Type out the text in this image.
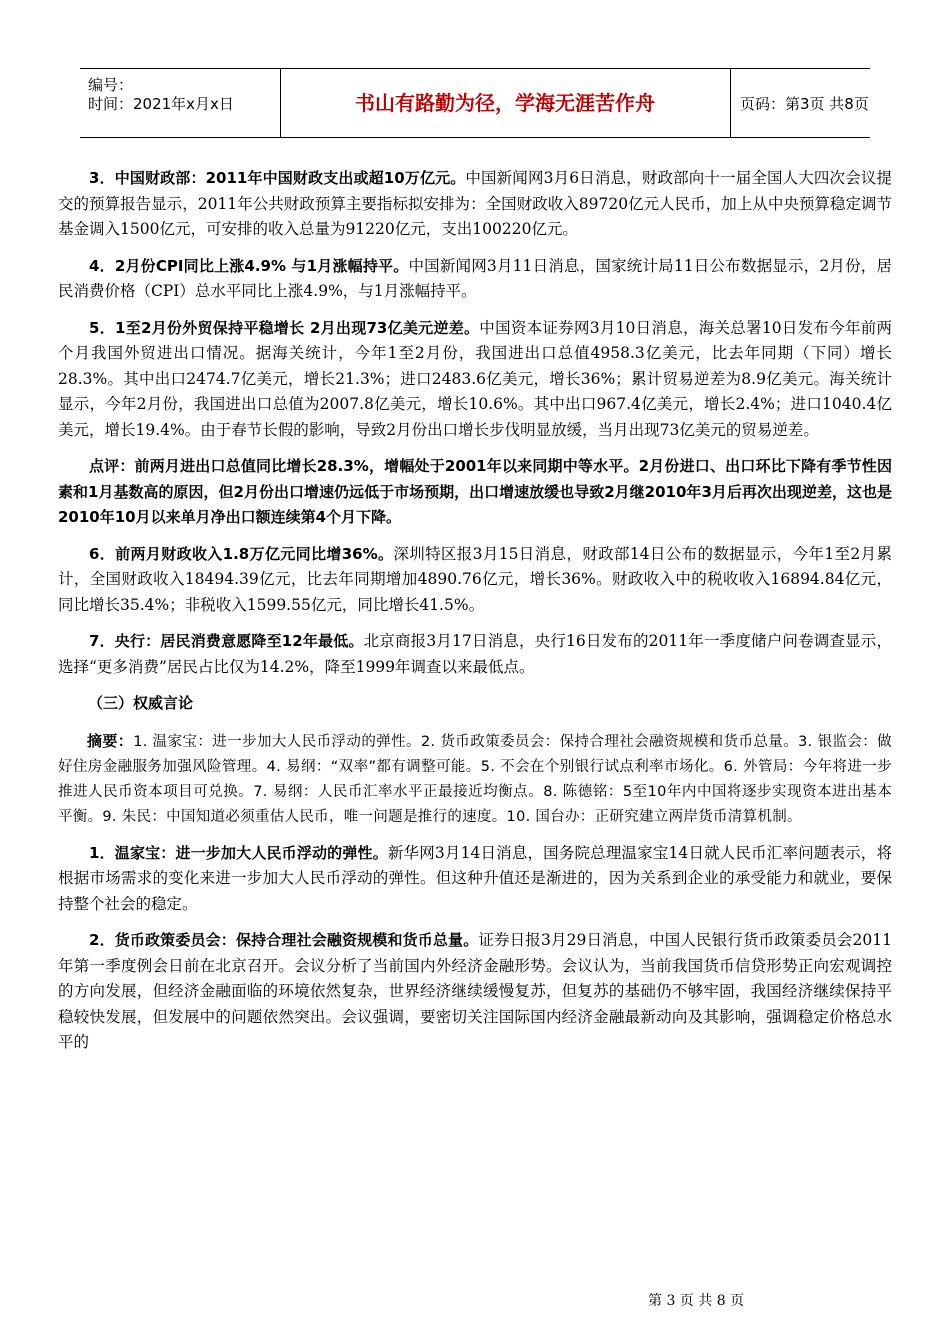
编号：
时间：2021年x月x日	书山有路勤为径，学海无涯苦作舟	页码：第3页 共8页

3．中国财政部：2011年中国财政支出或超10万亿元。中国新闻网3月6日消息，财政部向十一届全国人大四次会议提交的预算报告显示，2011年公共财政预算主要指标拟安排为：全国财政收入89720亿元人民币，加上从中央预算稳定调节基金调入1500亿元，可安排的收入总量为91220亿元，支出100220亿元。

4．2月份CPI同比上涨4.9% 与1月涨幅持平。中国新闻网3月11日消息，国家统计局11日公布数据显示，2月份，居民消费价格（CPI）总水平同比上涨4.9%，与1月涨幅持平。

5．1至2月份外贸保持平稳增长 2月出现73亿美元逆差。中国资本证券网3月10日消息，海关总署10日发布今年前两个月我国外贸进出口情况。据海关统计，今年1至2月份，我国进出口总值4958.3亿美元，比去年同期（下同）增长28.3%。其中出口2474.7亿美元，增长21.3%；进口2483.6亿美元，增长36%；累计贸易逆差为8.9亿美元。海关统计显示，今年2月份，我国进出口总值为2007.8亿美元，增长10.6%。其中出口967.4亿美元，增长2.4%；进口1040.4亿美元，增长19.4%。由于春节长假的影响，导致2月份出口增长步伐明显放缓，当月出现73亿美元的贸易逆差。

点评：前两月进出口总值同比增长28.3%，增幅处于2001年以来同期中等水平。2月份进口、出口环比下降有季节性因素和1月基数高的原因，但2月份出口增速仍远低于市场预期，出口增速放缓也导致2月继2010年3月后再次出现逆差，这也是2010年10月以来单月净出口额连续第4个月下降。

6．前两月财政收入1.8万亿元同比增36%。深圳特区报3月15日消息，财政部14日公布的数据显示，今年1至2月累计，全国财政收入18494.39亿元，比去年同期增加4890.76亿元，增长36%。财政收入中的税收收入16894.84亿元，同比增长35.4%；非税收入1599.55亿元，同比增长41.5%。

7．央行：居民消费意愿降至12年最低。北京商报3月17日消息，央行16日发布的2011年一季度储户问卷调查显示，选择“更多消费”居民占比仅为14.2%，降至1999年调查以来最低点。

（三）权威言论

摘要：1. 温家宝：进一步加大人民币浮动的弹性。2. 货币政策委员会：保持合理社会融资规模和货币总量。3. 银监会：做好住房金融服务加强风险管理。4. 易纲：“双率”都有调整可能。5. 不会在个别银行试点利率市场化。6. 外管局：今年将进一步推进人民币资本项目可兑换。7. 易纲：人民币汇率水平正最接近均衡点。8. 陈德铭：5至10年内中国将逐步实现资本进出基本平衡。9. 朱民：中国知道必须重估人民币，唯一问题是推行的速度。10. 国台办：正研究建立两岸货币清算机制。

1．温家宝：进一步加大人民币浮动的弹性。新华网3月14日消息，国务院总理温家宝14日就人民币汇率问题表示，将根据市场需求的变化来进一步加大人民币浮动的弹性。但这种升值还是渐进的，因为关系到企业的承受能力和就业，要保持整个社会的稳定。

2．货币政策委员会：保持合理社会融资规模和货币总量。证券日报3月29日消息，中国人民银行货币政策委员会2011年第一季度例会日前在北京召开。会议分析了当前国内外经济金融形势。会议认为，当前我国货币信贷形势正向宏观调控的方向发展，但经济金融面临的环境依然复杂，世界经济继续缓慢复苏，但复苏的基础仍不够牢固，我国经济继续保持平稳较快发展，但发展中的问题依然突出。会议强调，要密切关注国际国内经济金融最新动向及其影响，强调稳定价格总水平的

第 3 页 共 8 页
